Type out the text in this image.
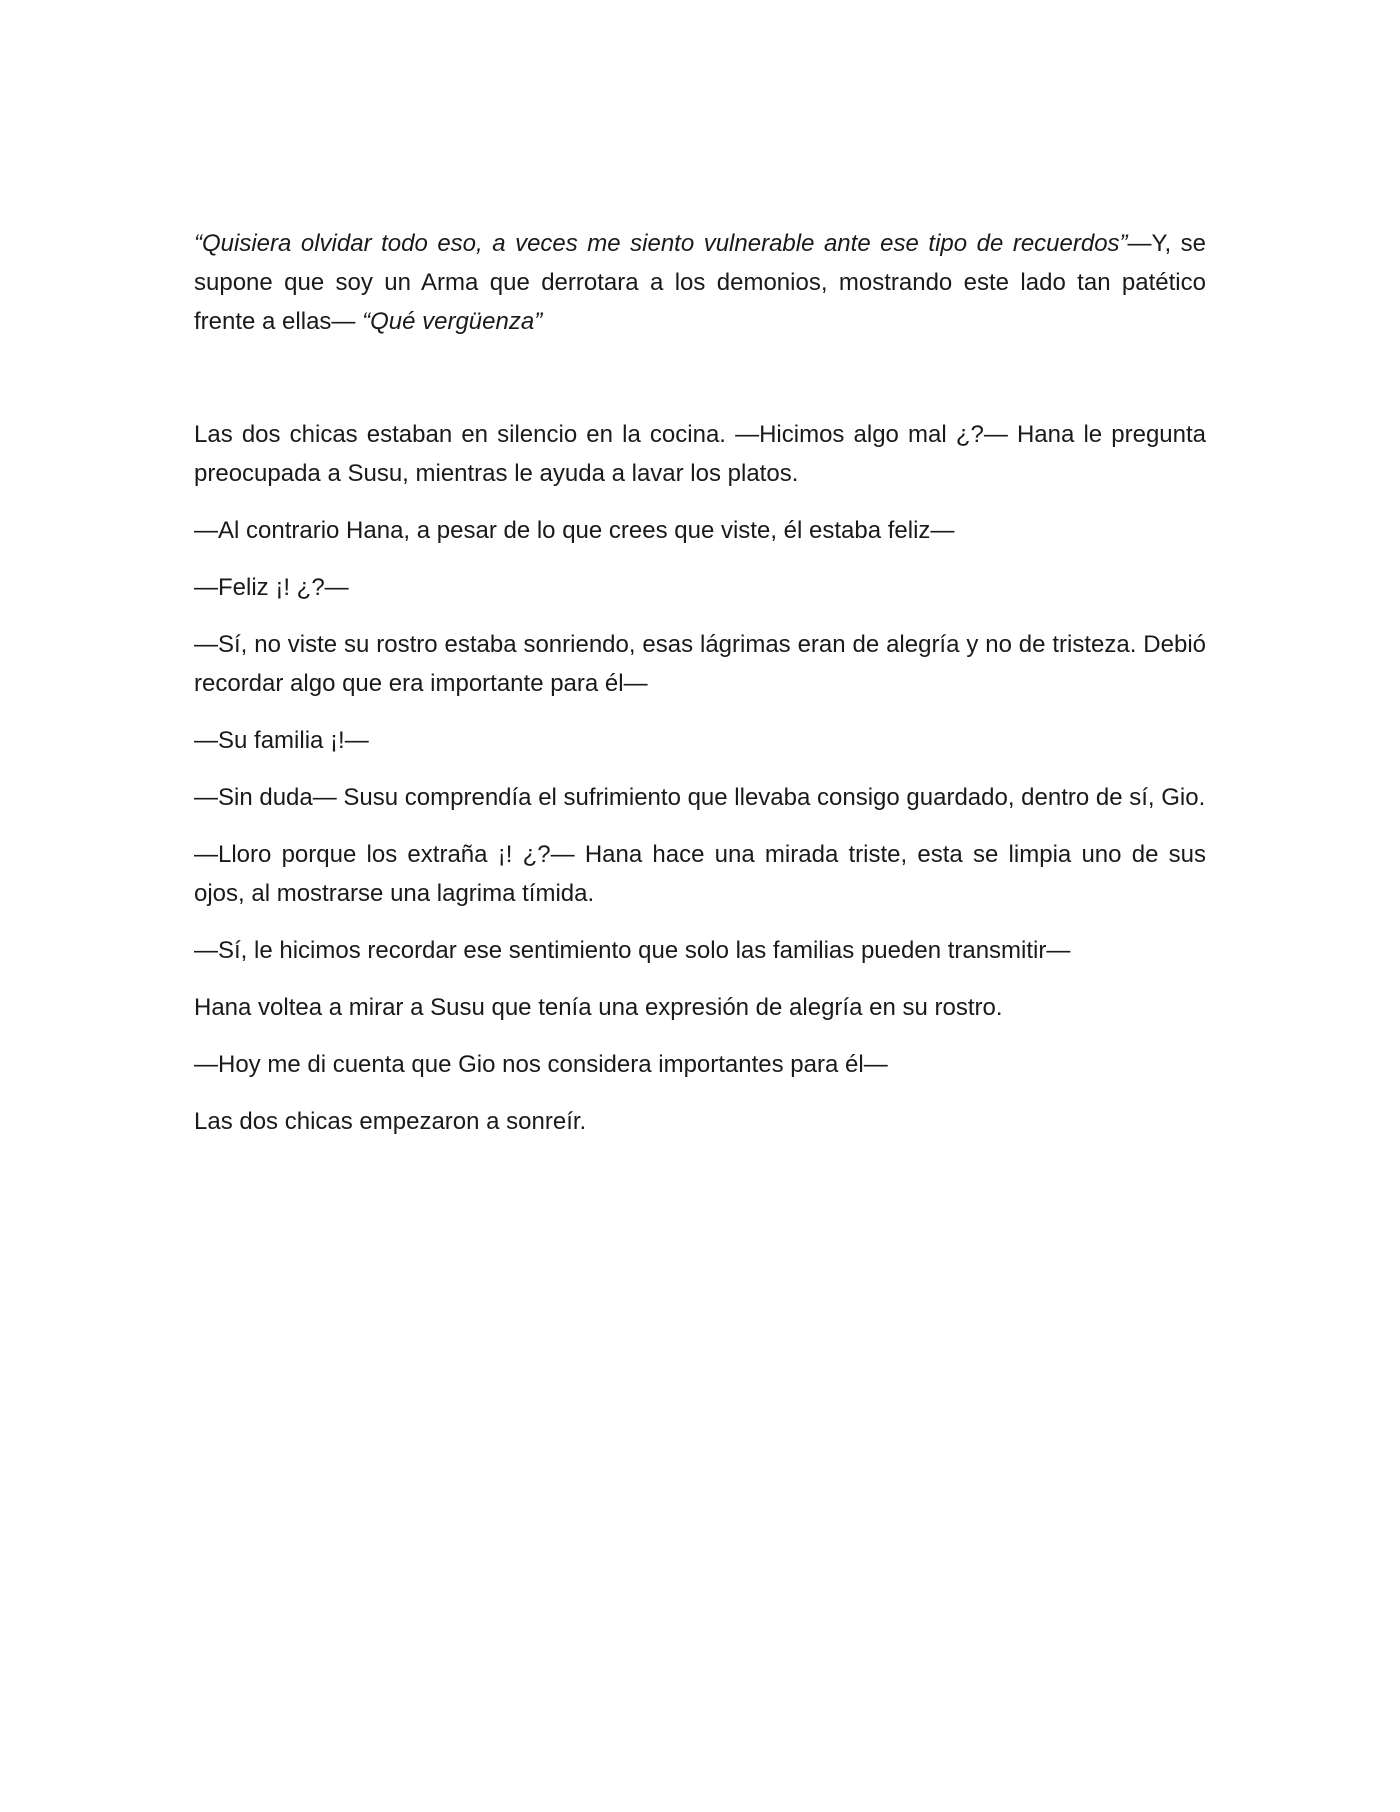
“Quisiera olvidar todo eso, a veces me siento vulnerable ante ese tipo de recuerdos”—Y, se supone que soy un Arma que derrotara a los demonios, mostrando este lado tan patético frente a ellas— “Qué vergüenza”

Las dos chicas estaban en silencio en la cocina. —Hicimos algo mal ¿?— Hana le pregunta preocupada a Susu, mientras le ayuda a lavar los platos.

—Al contrario Hana, a pesar de lo que crees que viste, él estaba feliz—

—Feliz ¡! ¿?—

—Sí, no viste su rostro estaba sonriendo, esas lágrimas eran de alegría y no de tristeza. Debió recordar algo que era importante para él—

—Su familia ¡!—

—Sin duda— Susu comprendía el sufrimiento que llevaba consigo guardado, dentro de sí, Gio.

—Lloro porque los extraña ¡! ¿?— Hana hace una mirada triste, esta se limpia uno de sus ojos, al mostrarse una lagrima tímida.

—Sí, le hicimos recordar ese sentimiento que solo las familias pueden transmitir—

Hana voltea a mirar a Susu que tenía una expresión de alegría en su rostro.

—Hoy me di cuenta que Gio nos considera importantes para él—

Las dos chicas empezaron a sonreír.
